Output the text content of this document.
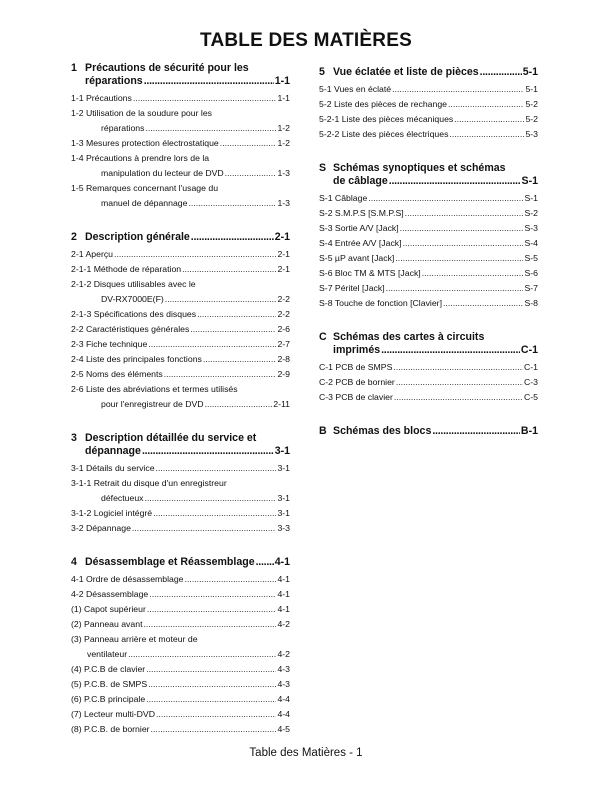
TABLE DES MATIÈRES
1 Précautions de sécurité pour les
réparations . . .	1-1
1-1 Précautions . . .	1-1
1-2 Utilisation de la soudure pour les
réparations . . .	1-2
1-3 Mesures protection électrostatique . . .	1-2
1-4 Précautions à prendre lors de la
manipulation du lecteur de DVD . . .	1-3
1-5 Remarques concernant l'usage du
manuel de dépannage . . .	1-3
2 Description générale . . .	2-1
2-1 Aperçu . . .	2-1
2-1-1 Méthode de réparation . . .	2-1
2-1-2 Disques utilisables avec le
DV-RX7000E(F) . . .	2-2
2-1-3 Spécifications des disques . . .	2-2
2-2 Caractéristiques générales . . .	2-6
2-3 Fiche technique . . .	2-7
2-4 Liste des principales fonctions . . .	2-8
2-5 Noms des éléments . . .	2-9
2-6 Liste des abréviations et termes utilisés
pour l'enregistreur de DVD . . .	2-11
3 Description détaillée du service et
dépannage . . .	3-1
3-1 Détails du service . . .	3-1
3-1-1 Retrait du disque d'un enregistreur
défectueux . . .	3-1
3-1-2 Logiciel intégré . . .	3-1
3-2 Dépannage . . .	3-3
4 Désassemblage et Réassemblage . . . 4-1
4-1 Ordre de désassemblage . . .	4-1
4-2 Désassemblage . . .	4-1
(1) Capot supérieur . . .	4-1
(2) Panneau avant . . .	4-2
(3) Panneau arrière et moteur de
ventilateur . . .	4-2
(4) P.C.B de clavier . . .	4-3
(5) P.C.B. de SMPS . . .	4-3
(6) P.C.B principale . . .	4-4
(7) Lecteur multi-DVD . . .	4-4
(8) P.C.B. de bornier . . .	4-5
5 Vue éclatée et liste de pièces . . .	5-1
5-1 Vues en éclaté . . .	5-1
5-2 Liste des pièces de rechange . . .	5-2
5-2-1 Liste des pièces mécaniques . . .	5-2
5-2-2 Liste des pièces électriques . . .	5-3
S Schémas synoptiques et schémas
de câblage . . .	S-1
S-1 Câblage . . .	S-1
S-2 S.M.P.S [S.M.P.S] . . .	S-2
S-3 Sortie A/V [Jack] . . .	S-3
S-4 Entrée A/V [Jack] . . .	S-4
S-5 µP avant [Jack] . . .	S-5
S-6 Bloc TM & MTS [Jack] . . .	S-6
S-7 Péritel [Jack] . . .	S-7
S-8 Touche de fonction [Clavier] . . .	S-8
C Schémas des cartes à circuits
imprimés . . .	C-1
C-1 PCB de SMPS . . .	C-1
C-2 PCB de bornier . . .	C-3
C-3 PCB de clavier . . .	C-5
B Schémas des blocs . . .	B-1
Table des Matières - 1
